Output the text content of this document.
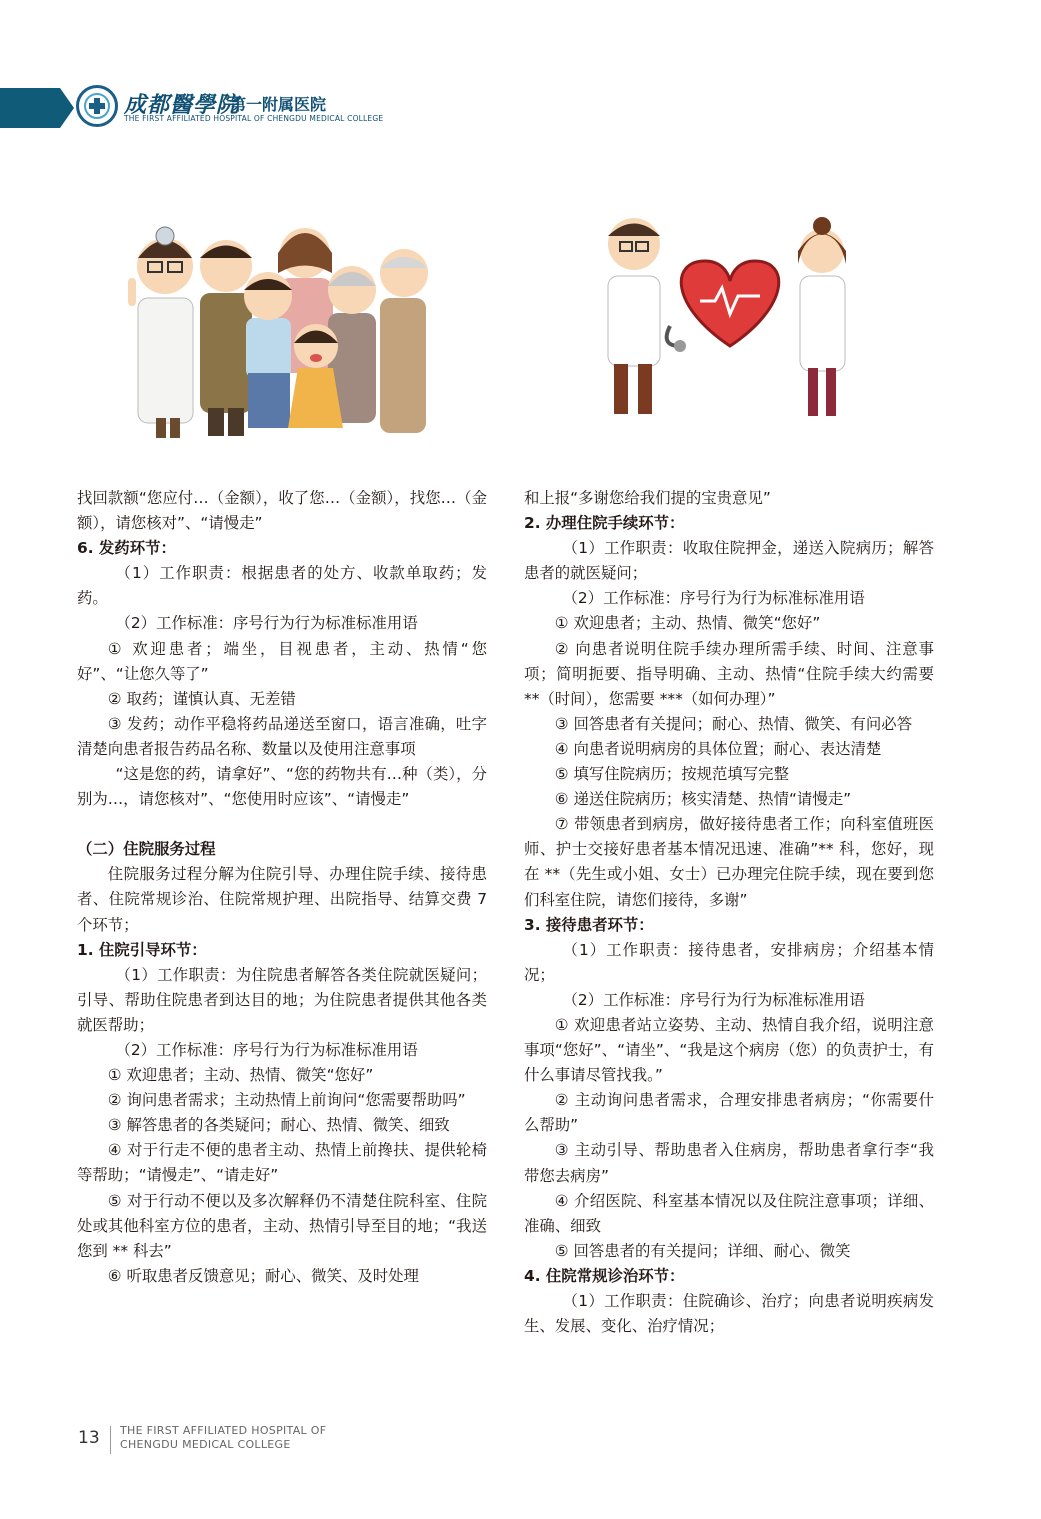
成都醫學院
第一附属医院
THE FIRST AFFILIATED HOSPITAL OF CHENGDU MEDICAL COLLEGE

找回款额“您应付…（金额），收了您…（金额），找您…（金额），请您核对”、“请慢走”

6. 发药环节：

（1）工作职责：根据患者的处方、收款单取药；发药。

（2）工作标准：序号行为行为标准标准用语

① 欢迎患者；端坐，目视患者，主动、热情“您好”、“让您久等了”

② 取药；谨慎认真、无差错

③ 发药；动作平稳将药品递送至窗口，语言准确，吐字清楚向患者报告药品名称、数量以及使用注意事项

“这是您的药，请拿好”、“您的药物共有…种（类），分别为…，请您核对”、“您使用时应该”、“请慢走”

（二）住院服务过程

住院服务过程分解为住院引导、办理住院手续、接待患者、住院常规诊治、住院常规护理、出院指导、结算交费 7 个环节；

1. 住院引导环节：

（1）工作职责：为住院患者解答各类住院就医疑问；引导、帮助住院患者到达目的地；为住院患者提供其他各类就医帮助；

（2）工作标准：序号行为行为标准标准用语

① 欢迎患者；主动、热情、微笑“您好”

② 询问患者需求；主动热情上前询问“您需要帮助吗”

③ 解答患者的各类疑问；耐心、热情、微笑、细致

④ 对于行走不便的患者主动、热情上前搀扶、提供轮椅等帮助；“请慢走”、“请走好”

⑤ 对于行动不便以及多次解释仍不清楚住院科室、住院处或其他科室方位的患者，主动、热情引导至目的地；“我送您到 ** 科去”

⑥ 听取患者反馈意见；耐心、微笑、及时处理

和上报“多谢您给我们提的宝贵意见”

2. 办理住院手续环节：

（1）工作职责：收取住院押金，递送入院病历；解答患者的就医疑问；

（2）工作标准：序号行为行为标准标准用语

① 欢迎患者；主动、热情、微笑“您好”

② 向患者说明住院手续办理所需手续、时间、注意事项；简明扼要、指导明确、主动、热情“住院手续大约需要 **（时间），您需要 ***（如何办理）”

③ 回答患者有关提问；耐心、热情、微笑、有问必答

④ 向患者说明病房的具体位置；耐心、表达清楚

⑤ 填写住院病历；按规范填写完整

⑥ 递送住院病历；核实清楚、热情“请慢走”

⑦ 带领患者到病房，做好接待患者工作；向科室值班医师、护士交接好患者基本情况迅速、准确”** 科，您好，现在 **（先生或小姐、女士）已办理完住院手续，现在要到您们科室住院，请您们接待，多谢”

3. 接待患者环节：

（1）工作职责：接待患者，安排病房；介绍基本情况；

（2）工作标准：序号行为行为标准标准用语

① 欢迎患者站立姿势、主动、热情自我介绍，说明注意事项“您好”、“请坐”、“我是这个病房（您）的负责护士，有什么事请尽管找我。”

② 主动询问患者需求，合理安排患者病房；“你需要什么帮助”

③ 主动引导、帮助患者入住病房，帮助患者拿行李“我带您去病房”

④ 介绍医院、科室基本情况以及住院注意事项；详细、准确、细致

⑤ 回答患者的有关提问；详细、耐心、微笑

4. 住院常规诊治环节：

（1）工作职责：住院确诊、治疗；向患者说明疾病发生、发展、变化、治疗情况；

13 THE FIRST AFFILIATED HOSPITAL OF
CHENGDU MEDICAL COLLEGE
